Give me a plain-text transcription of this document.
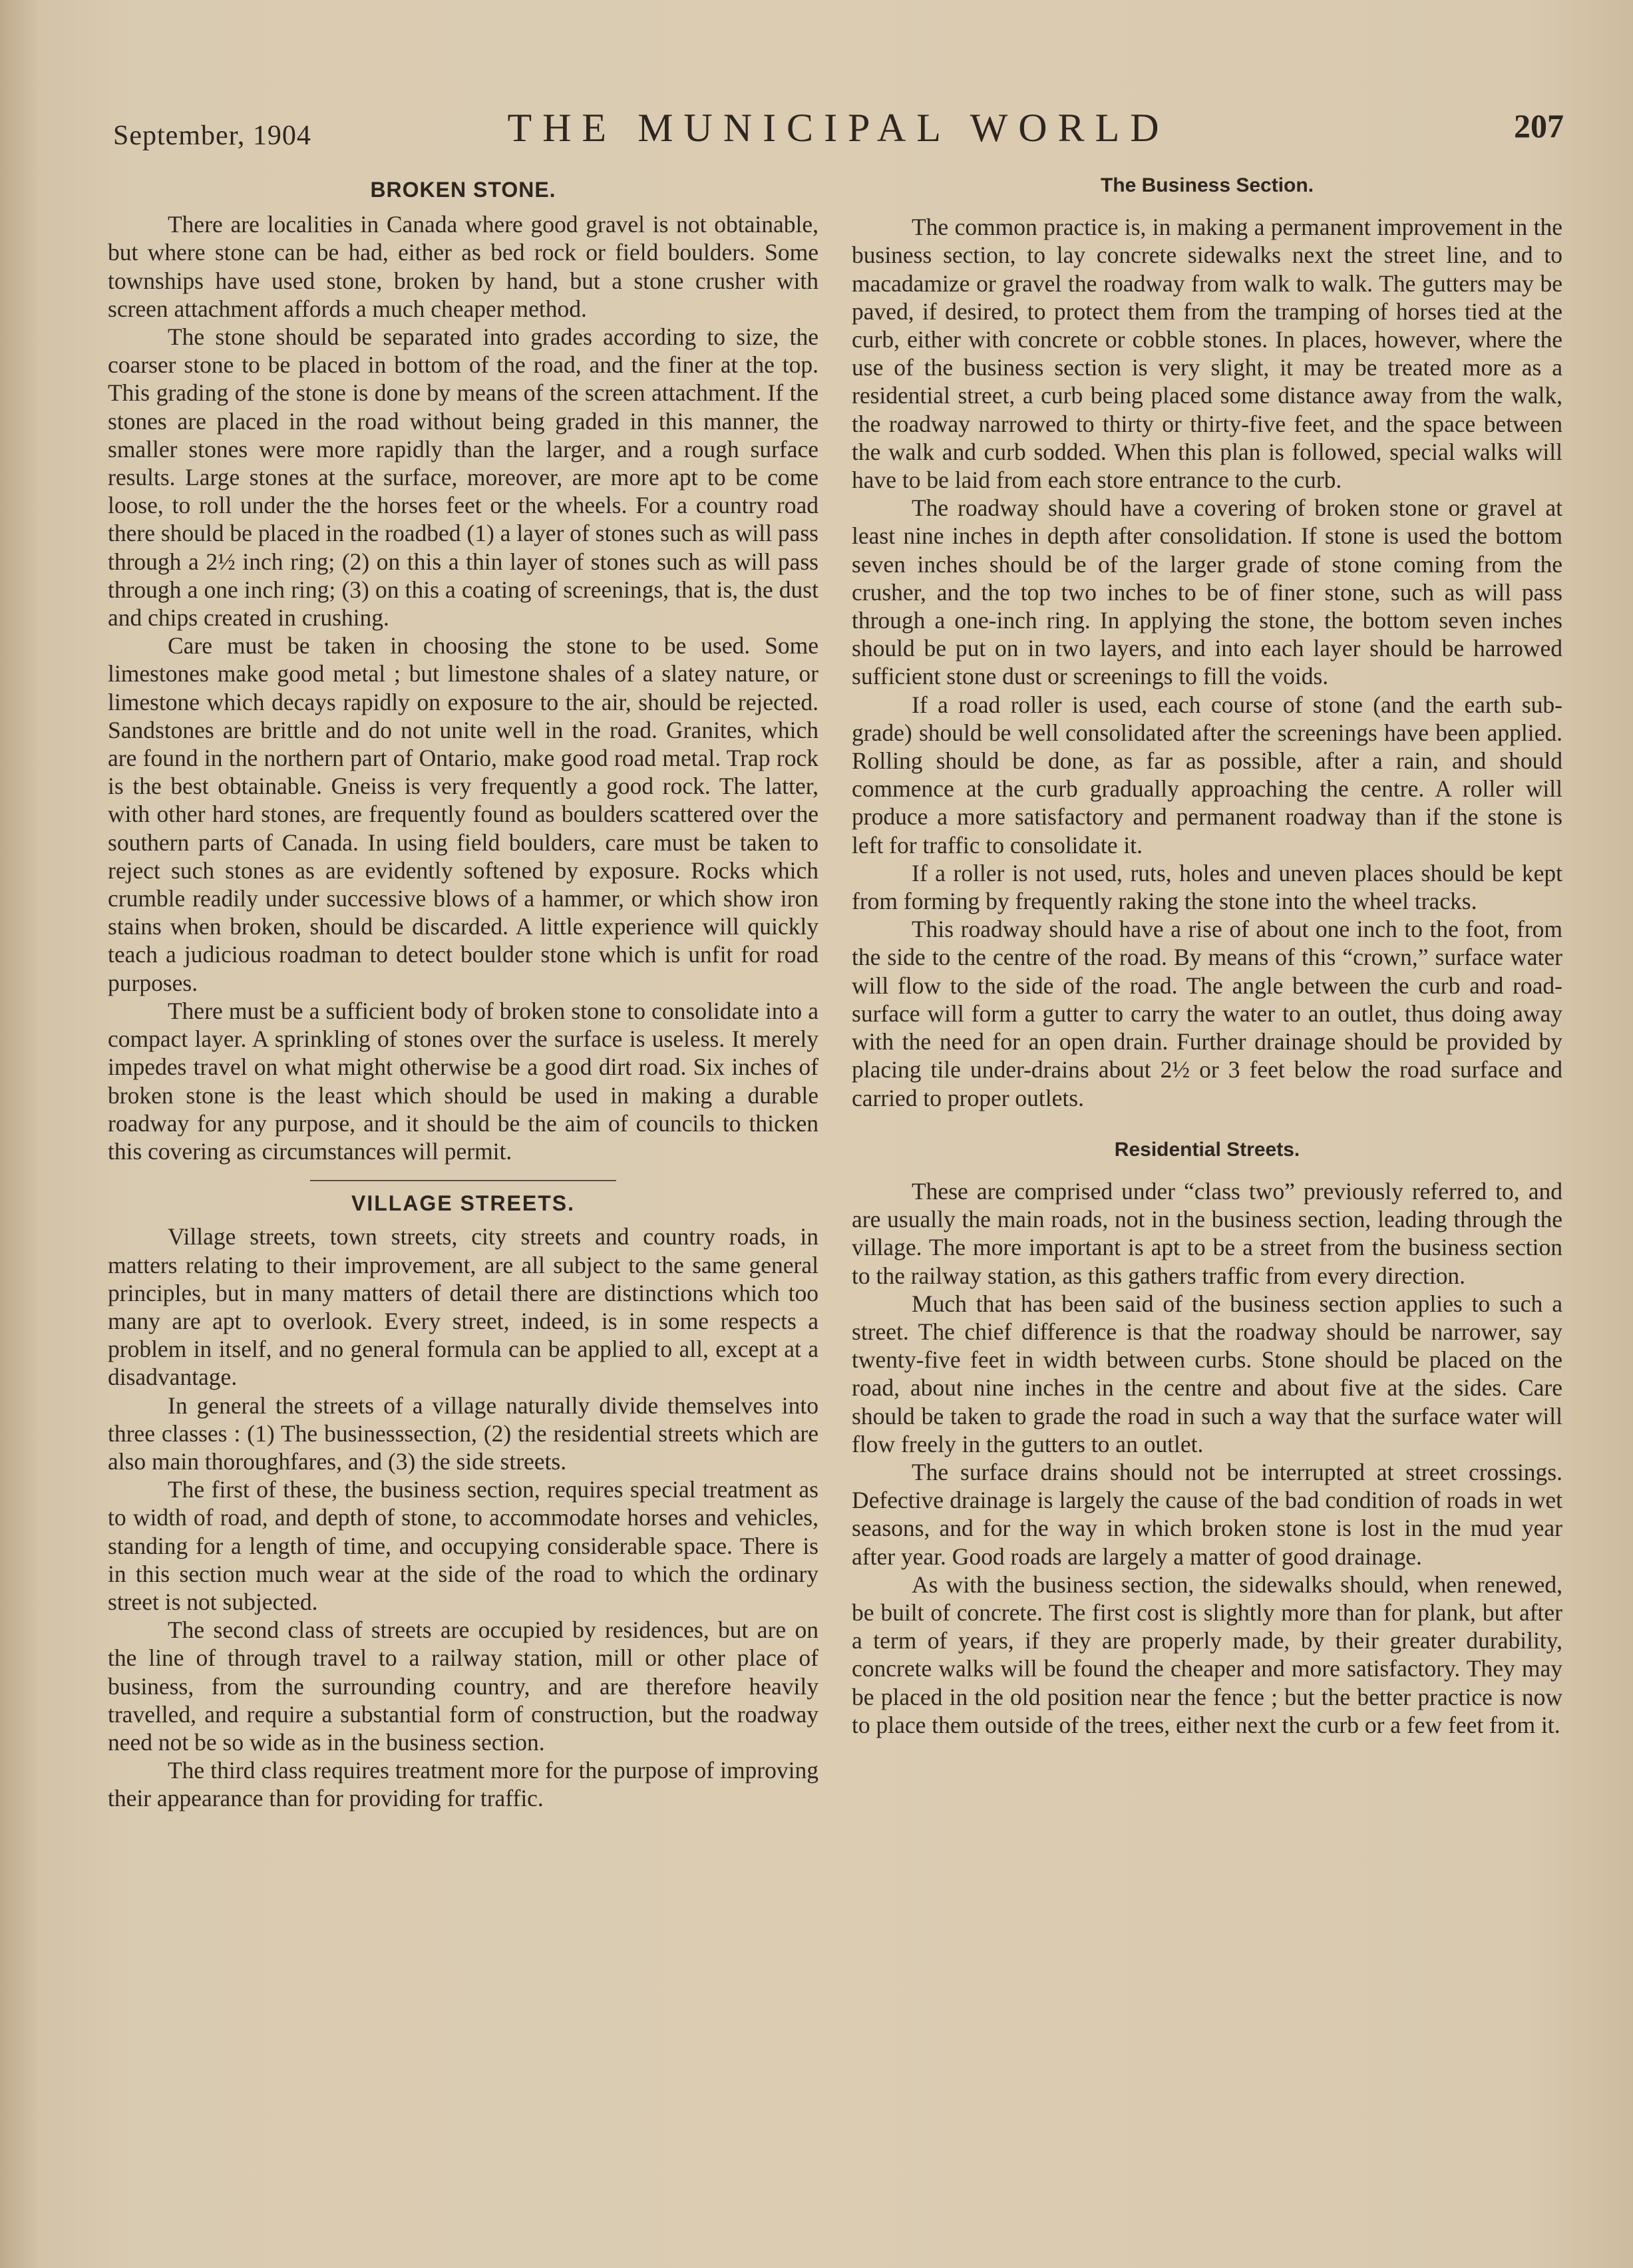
September, 1904	THE MUNICIPAL WORLD	207
BROKEN STONE.

There are localities in Canada where good gravel is not obtainable, but where stone can be had, either as bed rock or field boulders. Some townships have used stone, broken by hand, but a stone crusher with screen attachment affords a much cheaper method.

The stone should be separated into grades according to size, the coarser stone to be placed in bottom of the road, and the finer at the top. This grading of the stone is done by means of the screen attachment. If the stones are placed in the road without being graded in this manner, the smaller stones were more rapidly than the larger, and a rough surface results. Large stones at the surface, moreover, are more apt to be come loose, to roll under the the horses feet or the wheels. For a country road there should be placed in the roadbed (1) a layer of stones such as will pass through a 2½ inch ring; (2) on this a thin layer of stones such as will pass through a one inch ring; (3) on this a coating of screenings, that is, the dust and chips created in crushing.

Care must be taken in choosing the stone to be used. Some limestones make good metal ; but limestone shales of a slatey nature, or limestone which decays rapidly on exposure to the air, should be rejected. Sandstones are brittle and do not unite well in the road. Granites, which are found in the northern part of Ontario, make good road metal. Trap rock is the best obtainable. Gneiss is very frequently a good rock. The latter, with other hard stones, are frequently found as boulders scattered over the southern parts of Canada. In using field boulders, care must be taken to reject such stones as are evidently softened by exposure. Rocks which crumble readily under successive blows of a hammer, or which show iron stains when broken, should be discarded. A little experience will quickly teach a judicious roadman to detect boulder stone which is unfit for road purposes.

There must be a sufficient body of broken stone to consolidate into a compact layer. A sprinkling of stones over the surface is useless. It merely impedes travel on what might otherwise be a good dirt road. Six inches of broken stone is the least which should be used in making a durable roadway for any purpose, and it should be the aim of councils to thicken this covering as circumstances will permit.

VILLAGE STREETS.

Village streets, town streets, city streets and country roads, in matters relating to their improvement, are all subject to the same general principles, but in many matters of detail there are distinctions which too many are apt to overlook. Every street, indeed, is in some respects a problem in itself, and no general formula can be applied to all, except at a disadvantage.

In general the streets of a village naturally divide themselves into three classes : (1) The businesssection, (2) the residential streets which are also main thoroughfares, and (3) the side streets.

The first of these, the business section, requires special treatment as to width of road, and depth of stone, to accommodate horses and vehicles, standing for a length of time, and occupying considerable space. There is in this section much wear at the side of the road to which the ordinary street is not subjected.

The second class of streets are occupied by residences, but are on the line of through travel to a railway station, mill or other place of business, from the surrounding country, and are therefore heavily travelled, and require a substantial form of construction, but the roadway need not be so wide as in the business section.

The third class requires treatment more for the purpose of improving their appearance than for providing for traffic.

The Business Section.

The common practice is, in making a permanent improvement in the business section, to lay concrete sidewalks next the street line, and to macadamize or gravel the roadway from walk to walk. The gutters may be paved, if desired, to protect them from the tramping of horses tied at the curb, either with concrete or cobble stones. In places, however, where the use of the business section is very slight, it may be treated more as a residential street, a curb being placed some distance away from the walk, the roadway narrowed to thirty or thirty-five feet, and the space between the walk and curb sodded. When this plan is followed, special walks will have to be laid from each store entrance to the curb.

The roadway should have a covering of broken stone or gravel at least nine inches in depth after consolidation. If stone is used the bottom seven inches should be of the larger grade of stone coming from the crusher, and the top two inches to be of finer stone, such as will pass through a one-inch ring. In applying the stone, the bottom seven inches should be put on in two layers, and into each layer should be harrowed sufficient stone dust or screenings to fill the voids.

If a road roller is used, each course of stone (and the earth sub-grade) should be well consolidated after the screenings have been applied. Rolling should be done, as far as possible, after a rain, and should commence at the curb gradually approaching the centre. A roller will produce a more satisfactory and permanent roadway than if the stone is left for traffic to consolidate it.

If a roller is not used, ruts, holes and uneven places should be kept from forming by frequently raking the stone into the wheel tracks.

This roadway should have a rise of about one inch to the foot, from the side to the centre of the road. By means of this “crown,” surface water will flow to the side of the road. The angle between the curb and road-surface will form a gutter to carry the water to an outlet, thus doing away with the need for an open drain. Further drainage should be provided by placing tile under-drains about 2½ or 3 feet below the road surface and carried to proper outlets.

Residential Streets.

These are comprised under “class two” previously referred to, and are usually the main roads, not in the business section, leading through the village. The more important is apt to be a street from the business section to the railway station, as this gathers traffic from every direction.

Much that has been said of the business section applies to such a street. The chief difference is that the roadway should be narrower, say twenty-five feet in width between curbs. Stone should be placed on the road, about nine inches in the centre and about five at the sides. Care should be taken to grade the road in such a way that the surface water will flow freely in the gutters to an outlet.

The surface drains should not be interrupted at street crossings. Defective drainage is largely the cause of the bad condition of roads in wet seasons, and for the way in which broken stone is lost in the mud year after year. Good roads are largely a matter of good drainage.

As with the business section, the sidewalks should, when renewed, be built of concrete. The first cost is slightly more than for plank, but after a term of years, if they are properly made, by their greater durability, concrete walks will be found the cheaper and more satisfactory. They may be placed in the old position near the fence ; but the better practice is now to place them outside of the trees, either next the curb or a few feet from it.
